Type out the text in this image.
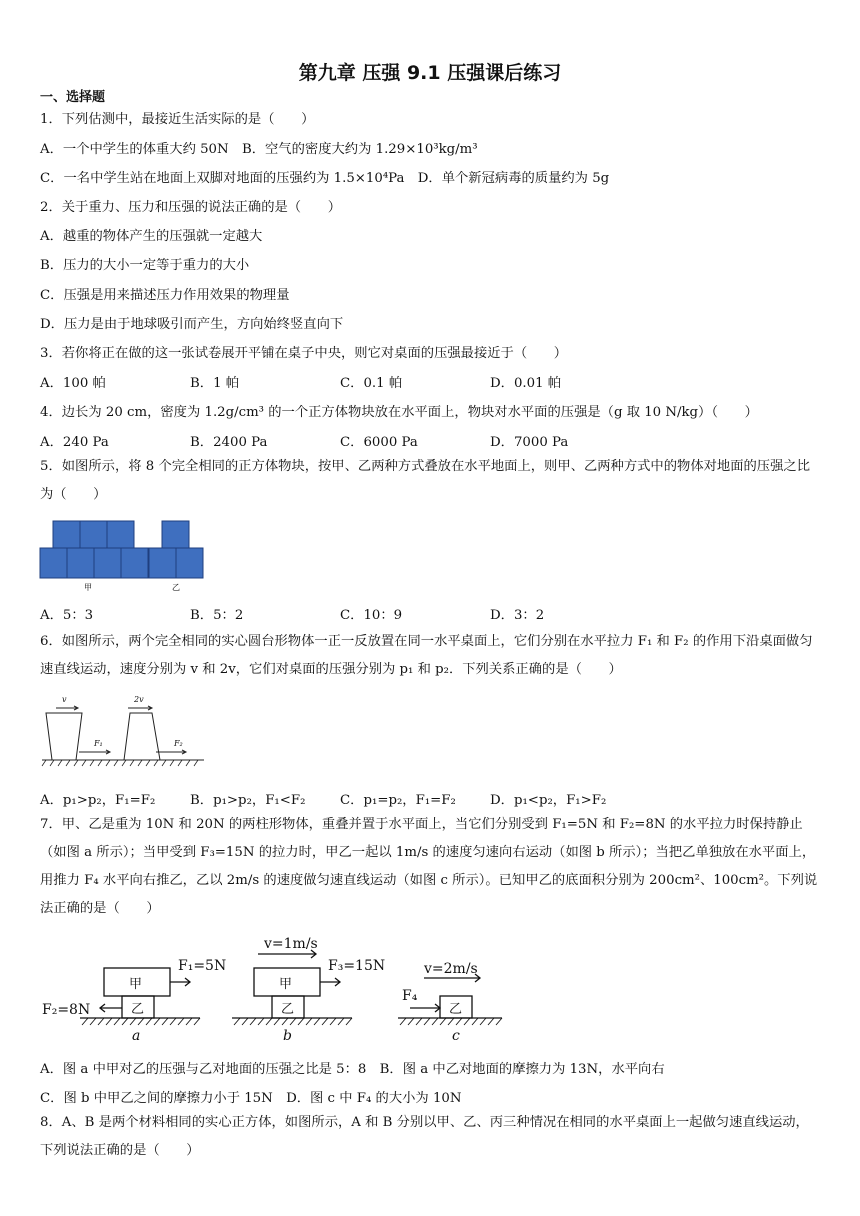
第九章 压强 9.1 压强课后练习
一、选择题
1．下列估测中，最接近生活实际的是（　　）
A．一个中学生的体重大约 50N　B．空气的密度大约为 1.29×10³kg/m³
C．一名中学生站在地面上双脚对地面的压强约为 1.5×10⁴Pa　D．单个新冠病毒的质量约为 5g
2．关于重力、压力和压强的说法正确的是（　　）
A．越重的物体产生的压强就一定越大
B．压力的大小一定等于重力的大小
C．压强是用来描述压力作用效果的物理量
D．压力是由于地球吸引而产生，方向始终竖直向下
3．若你将正在做的这一张试卷展开平铺在桌子中央，则它对桌面的压强最接近于（　　）
A．100 帕	B．1 帕	C．0.1 帕	D．0.01 帕
4．边长为 20 cm，密度为 1.2g/cm³ 的一个正方体物块放在水平面上，物块对水平面的压强是（g 取 10 N/kg）（　　）
A．240 Pa	B．2400 Pa	C．6000 Pa	D．7000 Pa
5．如图所示，将 8 个完全相同的正方体物块，按甲、乙两种方式叠放在水平地面上，则甲、乙两种方式中的物体对地面的压强之比为（　　）
甲	乙
A．5：3	B．5：2	C．10：9	D．3：2
6．如图所示，两个完全相同的实心圆台形物体一正一反放置在同一水平桌面上，它们分别在水平拉力 F₁ 和 F₂ 的作用下沿桌面做匀速直线运动，速度分别为 v 和 2v，它们对桌面的压强分别为 p₁ 和 p₂．下列关系正确的是（　　）
v	2v
F₁	F₂
A．p₁>p₂，F₁=F₂	B．p₁>p₂，F₁<F₂	C．p₁=p₂，F₁=F₂	D．p₁<p₂，F₁>F₂
7．甲、乙是重为 10N 和 20N 的两柱形物体，重叠并置于水平面上，当它们分别受到 F₁=5N 和 F₂=8N 的水平拉力时保持静止（如图 a 所示）；当甲受到 F₃=15N 的拉力时，甲乙一起以 1m/s 的速度匀速向右运动（如图 b 所示）；当把乙单独放在水平面上，用推力 F₄ 水平向右推乙，乙以 2m/s 的速度做匀速直线运动（如图 c 所示）。已知甲乙的底面积分别为 200cm²、100cm²。下列说法正确的是（　　）
甲
乙
甲
乙	乙
F₁=5N
F₂=8N
v=1m/s
F₃=15N	v=2m/s
F₄
a	b	c
A．图 a 中甲对乙的压强与乙对地面的压强之比是 5：8　B．图 a 中乙对地面的摩擦力为 13N，水平向右
C．图 b 中甲乙之间的摩擦力小于 15N　D．图 c 中 F₄ 的大小为 10N
8．A、B 是两个材料相同的实心正方体，如图所示，A 和 B 分别以甲、乙、丙三种情况在相同的水平桌面上一起做匀速直线运动，下列说法正确的是（　　）
